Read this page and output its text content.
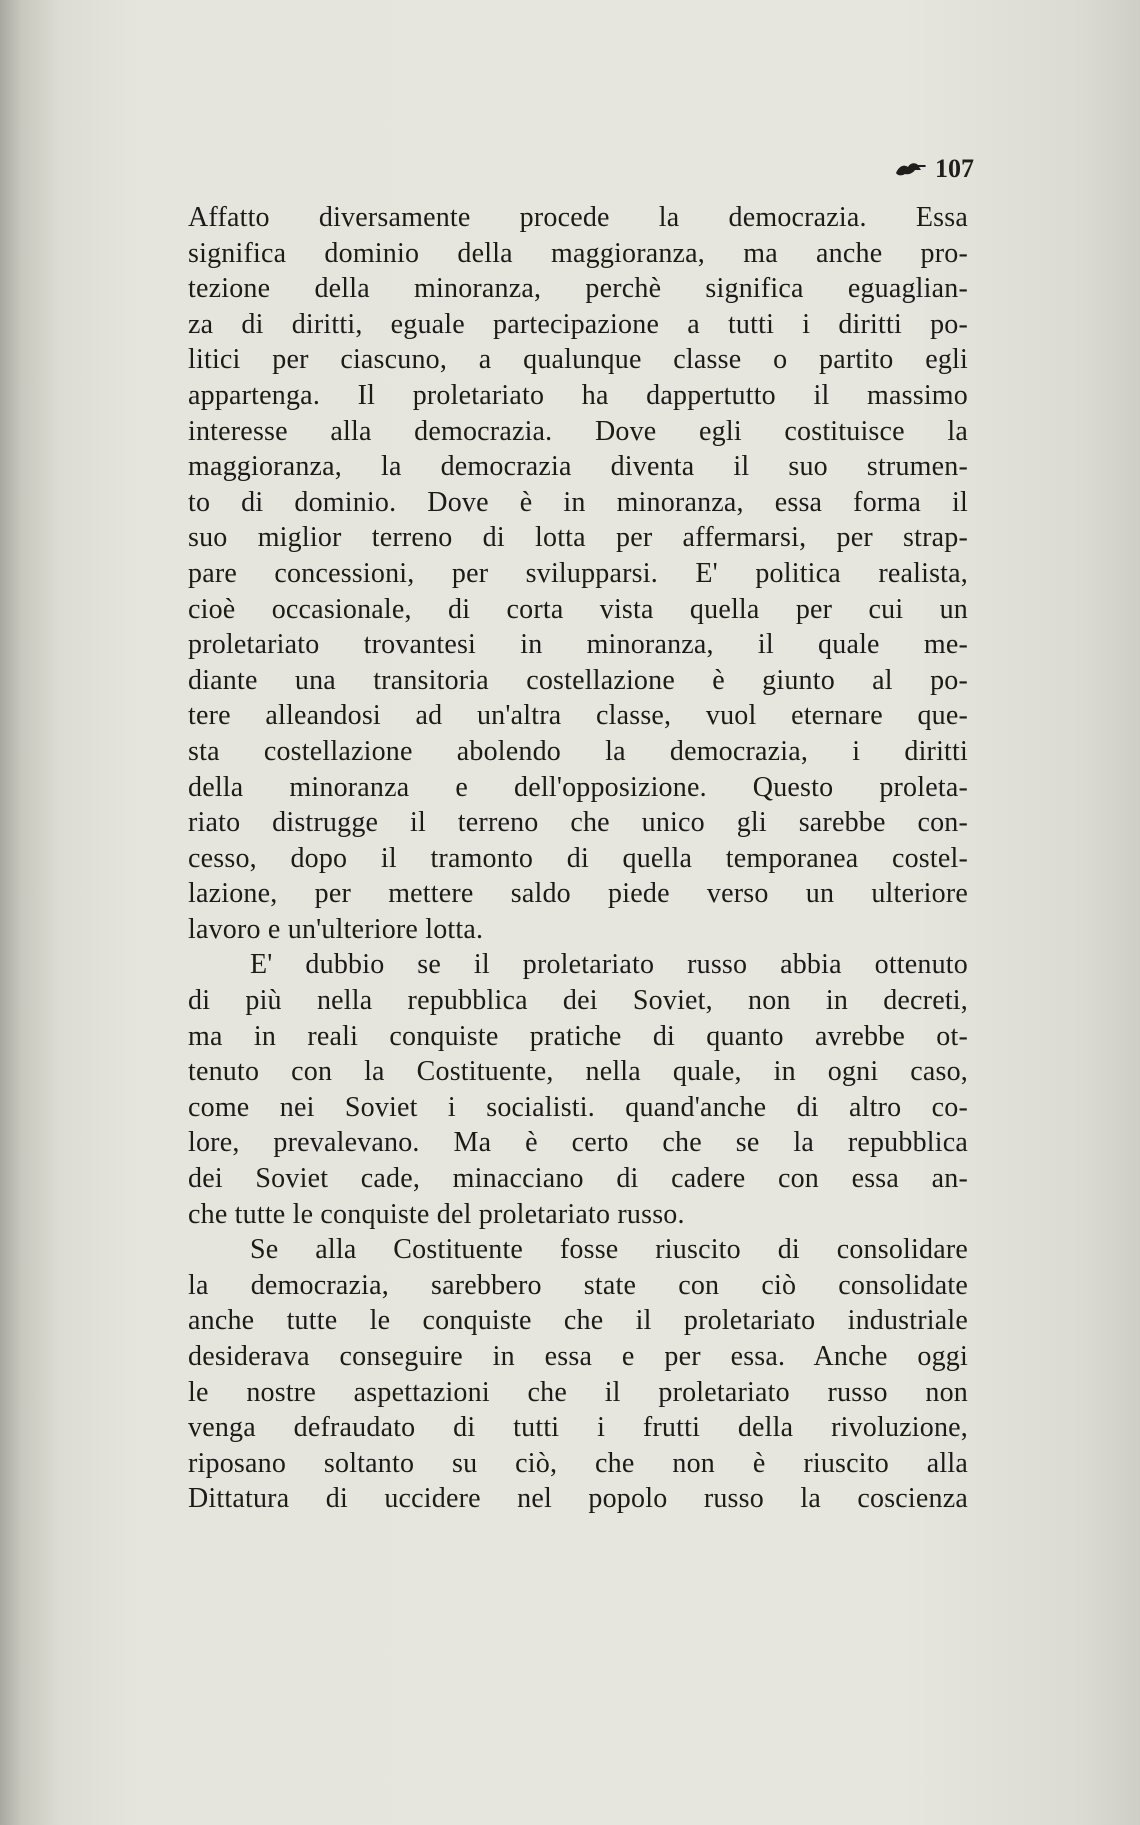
107
Affatto diversamente procede la democrazia. Essa
significa dominio della maggioranza, ma anche pro-
tezione della minoranza, perchè significa eguaglian-
za di diritti, eguale partecipazione a tutti i diritti po-
litici per ciascuno, a qualunque classe o partito egli
appartenga. Il proletariato ha dappertutto il massimo
interesse alla democrazia. Dove egli costituisce la
maggioranza, la democrazia diventa il suo strumen-
to di dominio. Dove è in minoranza, essa forma il
suo miglior terreno di lotta per affermarsi, per strap-
pare concessioni, per svilupparsi. E' politica realista,
cioè occasionale, di corta vista quella per cui un
proletariato trovantesi in minoranza, il quale me-
diante una transitoria costellazione è giunto al po-
tere alleandosi ad un'altra classe, vuol eternare que-
sta costellazione abolendo la democrazia, i diritti
della minoranza e dell'opposizione. Questo proleta-
riato distrugge il terreno che unico gli sarebbe con-
cesso, dopo il tramonto di quella temporanea costel-
lazione, per mettere saldo piede verso un ulteriore
lavoro e un'ulteriore lotta.
E' dubbio se il proletariato russo abbia ottenuto
di più nella repubblica dei Soviet, non in decreti,
ma in reali conquiste pratiche di quanto avrebbe ot-
tenuto con la Costituente, nella quale, in ogni caso,
come nei Soviet i socialisti. quand'anche di altro co-
lore, prevalevano. Ma è certo che se la repubblica
dei Soviet cade, minacciano di cadere con essa an-
che tutte le conquiste del proletariato russo.
Se alla Costituente fosse riuscito di consolidare
la democrazia, sarebbero state con ciò consolidate
anche tutte le conquiste che il proletariato industriale
desiderava conseguire in essa e per essa. Anche oggi
le nostre aspettazioni che il proletariato russo non
venga defraudato di tutti i frutti della rivoluzione,
riposano soltanto su ciò, che non è riuscito alla
Dittatura di uccidere nel popolo russo la coscienza
